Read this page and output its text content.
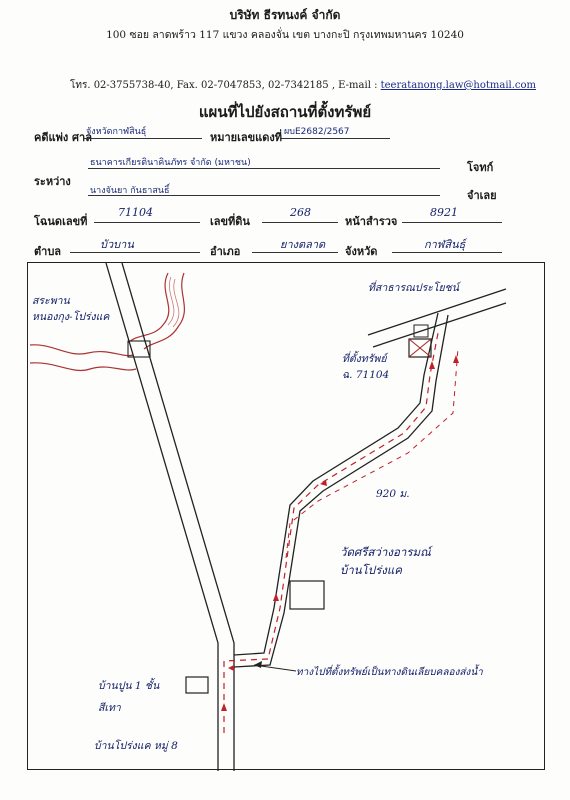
บริษัท ธีรทนงค์ จำกัด
100 ซอย ลาดพร้าว 117 แขวง คลองจั่น เขต บางกะปิ กรุงเทพมหานคร 10240
โทร. 02-3755738-40, Fax. 02-7047853, 02-7342185 , E-mail : teeratanong.law@hotmail.com
แผนที่ไปยังสถานที่ตั้งทรัพย์
คดีแพ่ง ศาล
จังหวัดกาฬสินธุ์	หมายเลขแดงที่ ผบE2682/2567
ธนาคารเกียรตินาคินภัทร จำกัด (มหาชน)	โจทก์
ระหว่าง
นางจันยา กันธาสนธิ์	จำเลย
โฉนดเลขที่
71104
เลขที่ดิน
268
หน้าสำรวจ
8921
ตำบล
บัวบาน
อำเภอ
ยางตลาด
จังหวัด
กาฬสินธุ์
สระพาน
หนองกุง-โปร่งแค
ที่สาธารณประโยชน์
ที่ตั้งทรัพย์
ฉ. 71104
920 ม.
วัดศรีสว่างอารมณ์
บ้านโปร่งแค
ทางไปที่ตั้งทรัพย์เป็นทางดินเลียบคลองส่งน้ำ
บ้านปูน 1 ชั้น
สีเทา
บ้านโปร่งแค หมู่ 8
